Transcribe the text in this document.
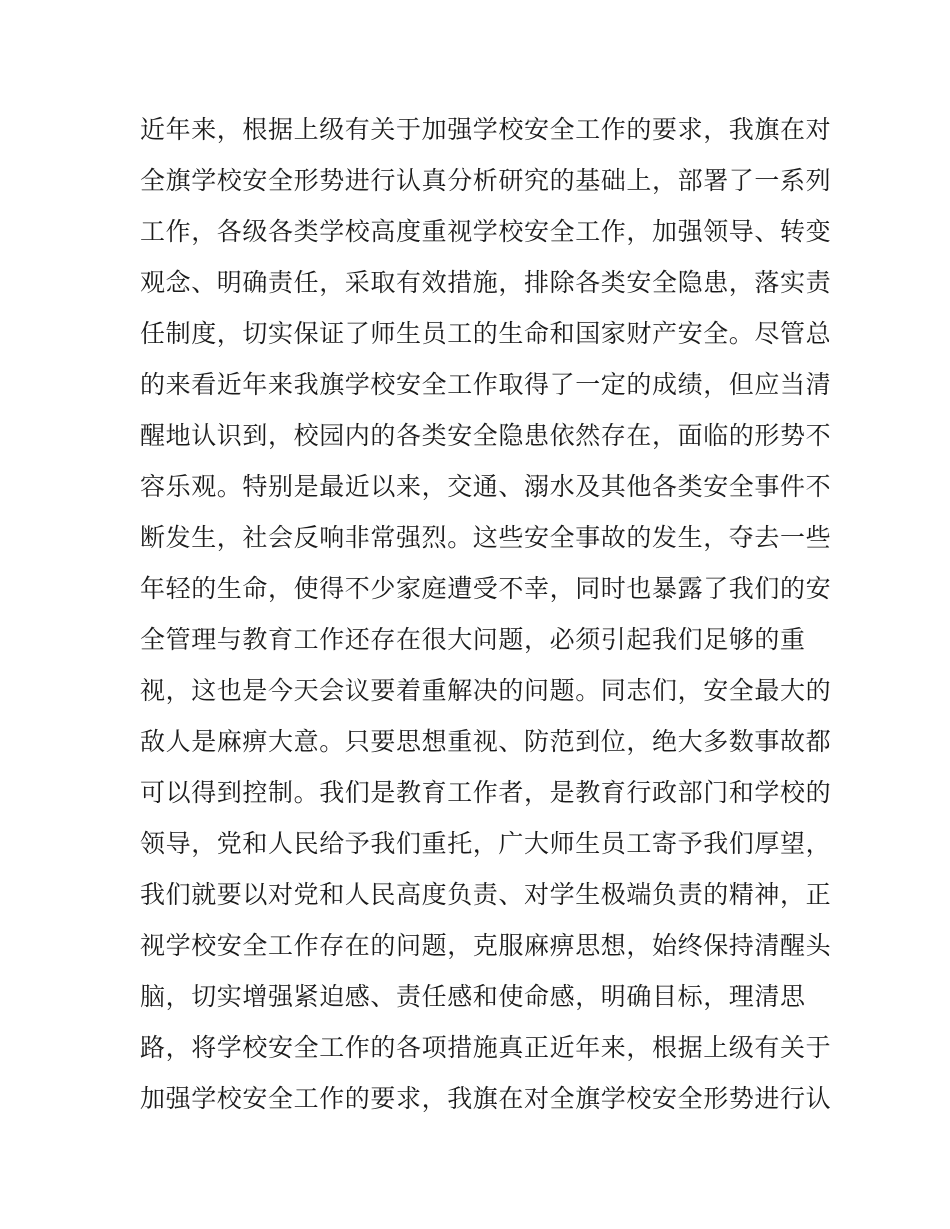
近年来，根据上级有关于加强学校安全工作的要求，我旗在对
全旗学校安全形势进行认真分析研究的基础上，部署了一系列
工作，各级各类学校高度重视学校安全工作，加强领导、转变
观念、明确责任，采取有效措施，排除各类安全隐患，落实责
任制度，切实保证了师生员工的生命和国家财产安全。尽管总
的来看近年来我旗学校安全工作取得了一定的成绩，但应当清
醒地认识到，校园内的各类安全隐患依然存在，面临的形势不
容乐观。特别是最近以来，交通、溺水及其他各类安全事件不
断发生，社会反响非常强烈。这些安全事故的发生，夺去一些
年轻的生命，使得不少家庭遭受不幸，同时也暴露了我们的安
全管理与教育工作还存在很大问题，必须引起我们足够的重
视，这也是今天会议要着重解决的问题。同志们，安全最大的
敌人是麻痹大意。只要思想重视、防范到位，绝大多数事故都
可以得到控制。我们是教育工作者，是教育行政部门和学校的
领导，党和人民给予我们重托，广大师生员工寄予我们厚望，
我们就要以对党和人民高度负责、对学生极端负责的精神，正
视学校安全工作存在的问题，克服麻痹思想，始终保持清醒头
脑，切实增强紧迫感、责任感和使命感，明确目标，理清思
路，将学校安全工作的各项措施真正近年来，根据上级有关于
加强学校安全工作的要求，我旗在对全旗学校安全形势进行认
